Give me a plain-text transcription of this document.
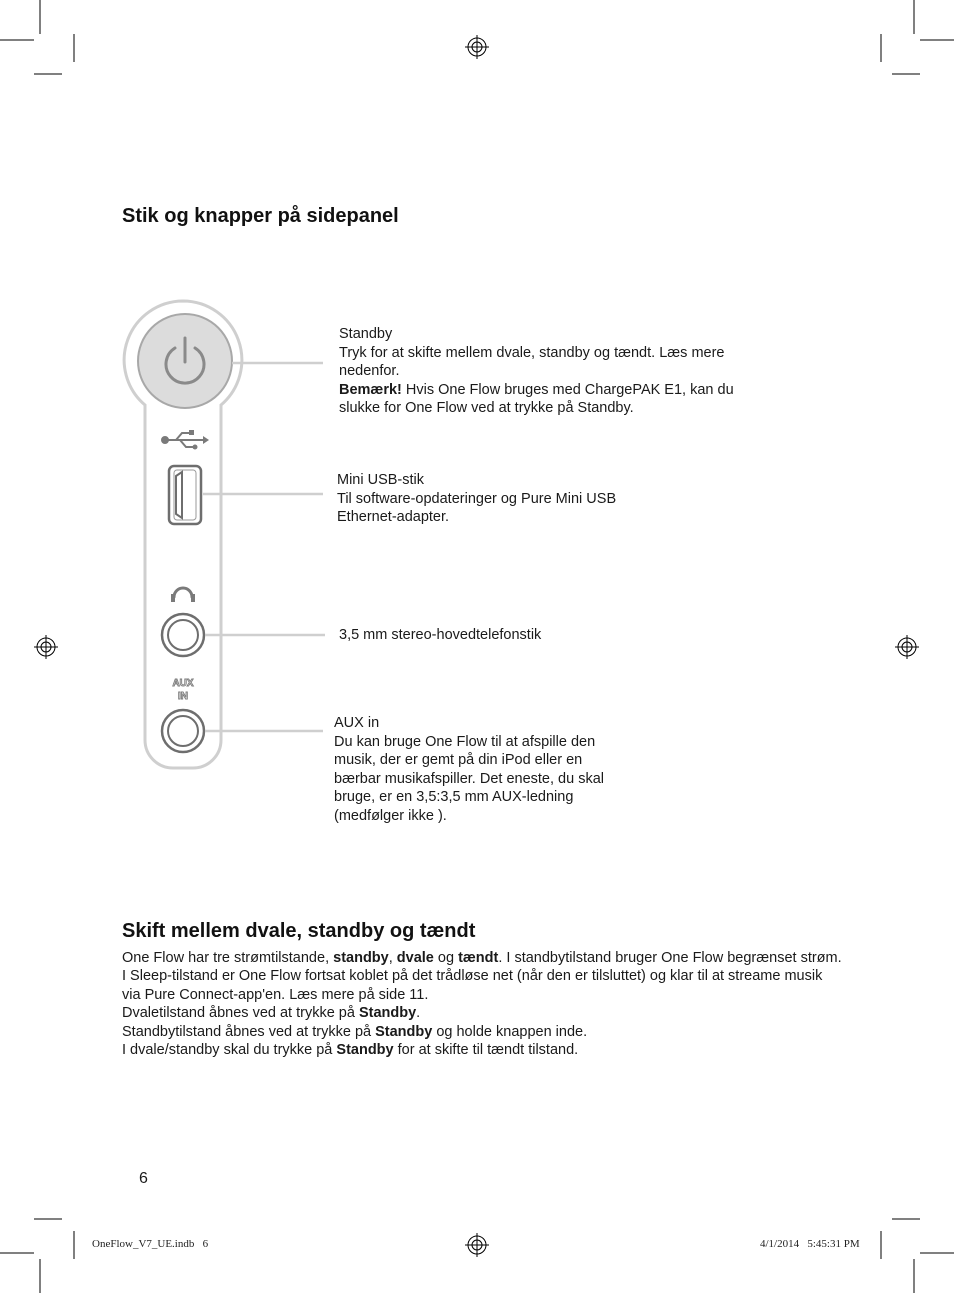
AUX
IN
Stik og knapper på sidepanel
Standby
Tryk for at skifte mellem dvale, standby og tændt. Læs mere nedenfor.
Bemærk! Hvis One Flow bruges med ChargePAK E1, kan du slukke for One Flow ved at trykke på Standby.
Mini USB-stik
Til software-opdateringer og Pure Mini USB Ethernet-adapter.
3,5 mm stereo-hovedtelefonstik
AUX in
Du kan bruge One Flow til at afspille den musik, der er gemt på din iPod eller en bærbar musikafspiller. Det eneste, du skal bruge, er en 3,5:3,5 mm AUX-ledning (medfølger ikke ).
Skift mellem dvale, standby og tændt

One Flow har tre strømtilstande, standby, dvale og tændt. I standbytilstand bruger One Flow begrænset strøm. I Sleep-tilstand er One Flow fortsat koblet på det trådløse net (når den er tilsluttet) og klar til at streame musik via Pure Connect-app'en. Læs mere på side 11.

Dvaletilstand åbnes ved at trykke på Standby.

Standbytilstand åbnes ved at trykke på Standby og holde knappen inde.

I dvale/standby skal du trykke på Standby for at skifte til tændt tilstand.

6
OneFlow_V7_UE.indb   6	4/1/2014   5:45:31 PM
